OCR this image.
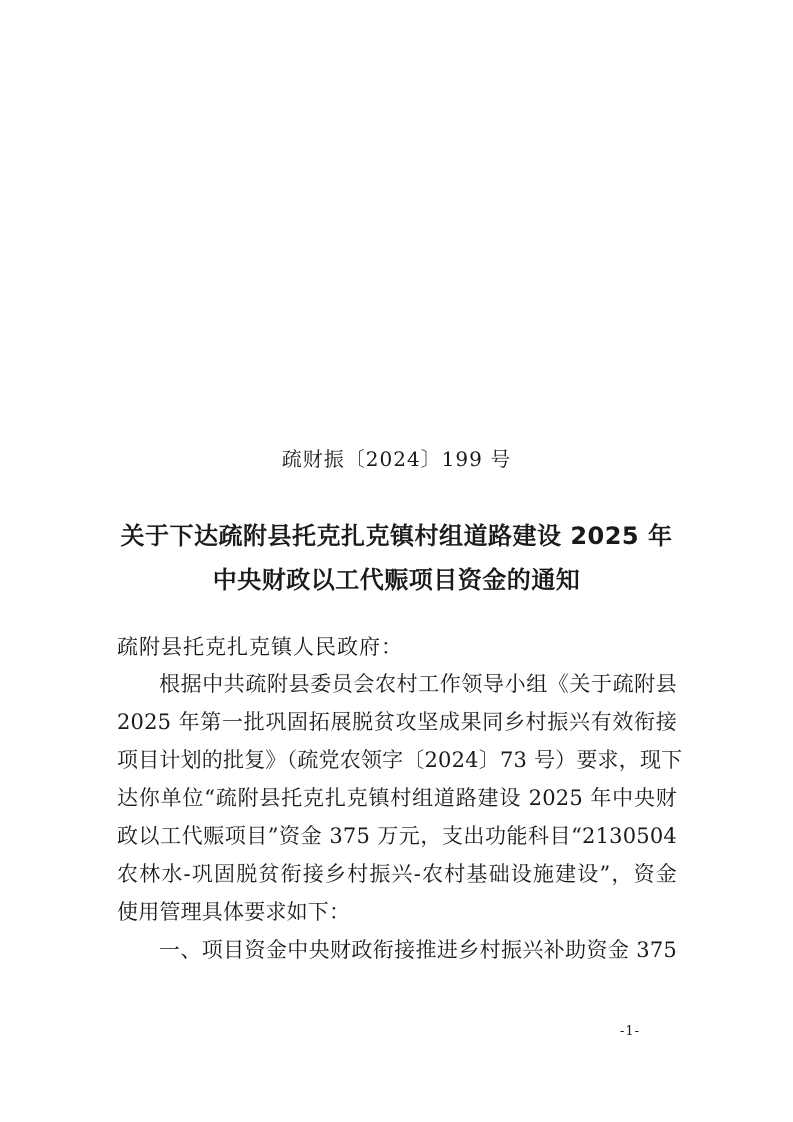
疏财振〔2024〕199 号
关于下达疏附县托克扎克镇村组道路建设 2025 年
中央财政以工代赈项目资金的通知
疏附县托克扎克镇人民政府：
根据中共疏附县委员会农村工作领导小组《关于疏附县
2025 年第一批巩固拓展脱贫攻坚成果同乡村振兴有效衔接
项目计划的批复》（疏党农领字〔2024〕73 号）要求，现下
达你单位“疏附县托克扎克镇村组道路建设 2025 年中央财
政以工代赈项目”资金 375 万元，支出功能科目“2130504
农林水-巩固脱贫衔接乡村振兴-农村基础设施建设”，资金
使用管理具体要求如下：
一、项目资金中央财政衔接推进乡村振兴补助资金 375
-1-
